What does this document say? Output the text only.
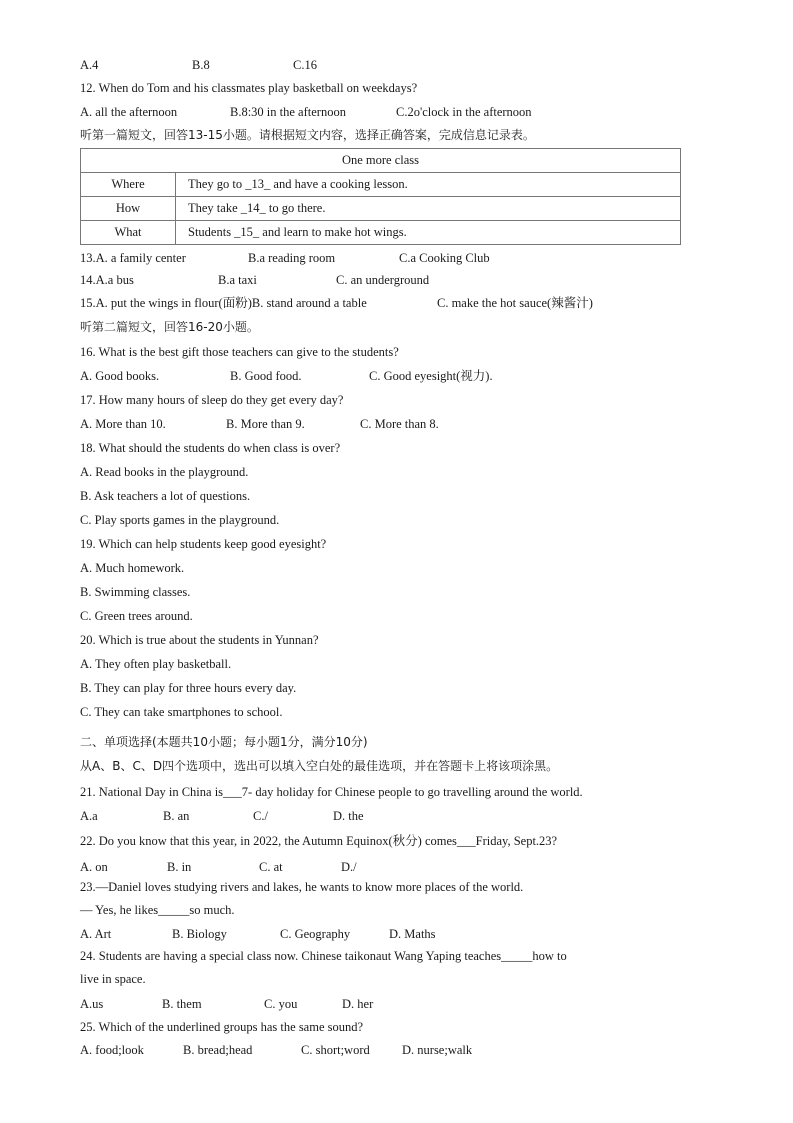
A.4	B.8	C.16
12. When do Tom and his classmates play basketball on weekdays?
A. all the afternoon	B.8:30 in the afternoon	C.2o'clock in the afternoon
听第一篇短文，回答13-15小题。请根据短文内容，选择正确答案，完成信息记录表。
One more class	
Where	They go to _13_ and have a cooking lesson.
How	They take _14_ to go there.
What	Students _15_ and learn to make hot wings.
13.A. a family center	B.a reading room	C.a Cooking Club
14.A.a bus	B.a taxi	C. an underground
15.A. put the wings in flour(面粉)B. stand around a table	C. make the hot sauce(辣酱汁)
听第二篇短文，回答16-20小题。
16. What is the best gift those teachers can give to the students?
A. Good books.	B. Good food.	C. Good eyesight(视力).
17. How many hours of sleep do they get every day?
A. More than 10.	B. More than 9.	C. More than 8.
18. What should the students do when class is over?
A. Read books in the playground.
B. Ask teachers a lot of questions.
C. Play sports games in the playground.
19. Which can help students keep good eyesight?
A. Much homework.
B. Swimming classes.
C. Green trees around.
20. Which is true about the students in Yunnan?
A. They often play basketball.
B. They can play for three hours every day.
C. They can take smartphones to school.
二、单项选择(本题共10小题；每小题1分，满分10分)
从A、B、C、D四个选项中，选出可以填入空白处的最佳选项，并在答题卡上将该项涂黑。
21. National Day in China is___7- day holiday for Chinese people to go travelling around the world.
A.a	B. an	C./	D. the
22. Do you know that this year, in 2022, the Autumn Equinox(秋分) comes___Friday, Sept.23?
A. on	B. in	C. at	D./
23.—Daniel loves studying rivers and lakes, he wants to know more places of the world.
— Yes, he likes_____so much.
A. Art	B. Biology	C. Geography	D. Maths
24. Students are having a special class now. Chinese taikonaut Wang Yaping teaches_____how to
live in space.
A.us	B. them	C. you	D. her
25. Which of the underlined groups has the same sound?
A. food;look	B. bread;head	C. short;word	D. nurse;walk
